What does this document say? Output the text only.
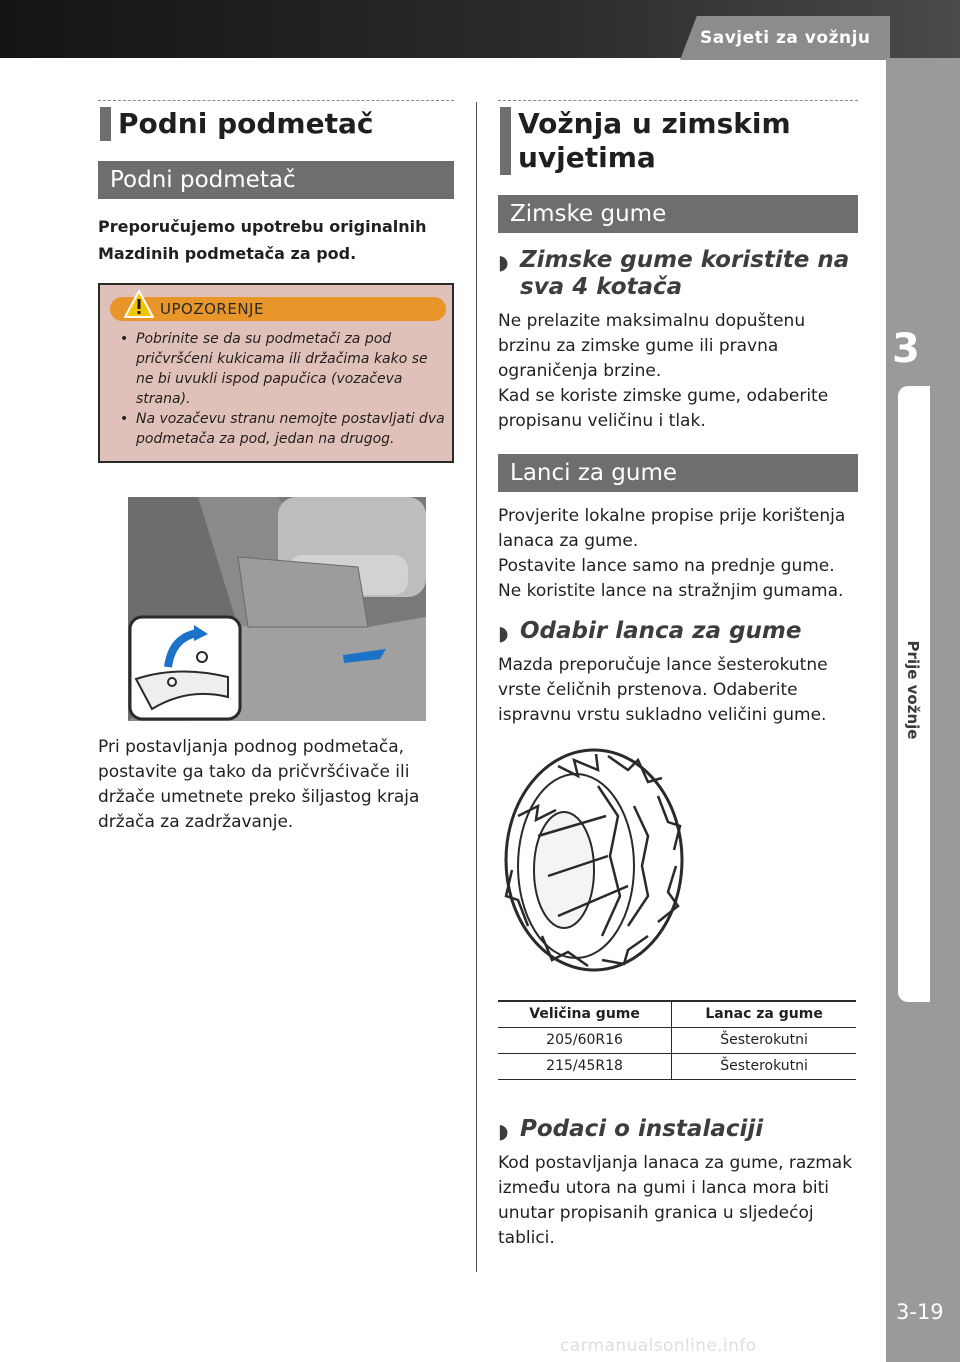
Savjeti za vožnju
3
Prije vožnje
3-19
carmanualsonline.info
Podni podmetač
Podni podmetač
Preporučujemo upotrebu originalnih Mazdinih podmetača za pod.
UPOZORENJE
• Pobrinite se da su podmetači za pod pričvršćeni kukicama ili držačima kako se ne bi uvukli ispod papučica (vozačeva strana).
• Na vozačevu stranu nemojte postavljati dva podmetača za pod, jedan na drugog.
Pri postavljanja podnog podmetača, postavite ga tako da pričvršćivače ili držače umetnete preko šiljastog kraja držača za zadržavanje.
Vožnja u zimskim uvjetima
Zimske gume
◗ Zimske gume koristite na sva 4 kotača
Ne prelazite maksimalnu dopuštenu brzinu za zimske gume ili pravna ograničenja brzine.
Kad se koriste zimske gume, odaberite propisanu veličinu i tlak.
Lanci za gume
Provjerite lokalne propise prije korištenja lanaca za gume.
Postavite lance samo na prednje gume.
Ne koristite lance na stražnjim gumama.
◗ Odabir lanca za gume
Mazda preporučuje lance šesterokutne vrste čeličnih prstenova. Odaberite ispravnu vrstu sukladno veličini gume.
Veličina gume	Lanac za gume
205/60R16	Šesterokutni
215/45R18	Šesterokutni
◗ Podaci o instalaciji
Kod postavljanja lanaca za gume, razmak između utora na gumi i lanca mora biti unutar propisanih granica u sljedećoj tablici.
